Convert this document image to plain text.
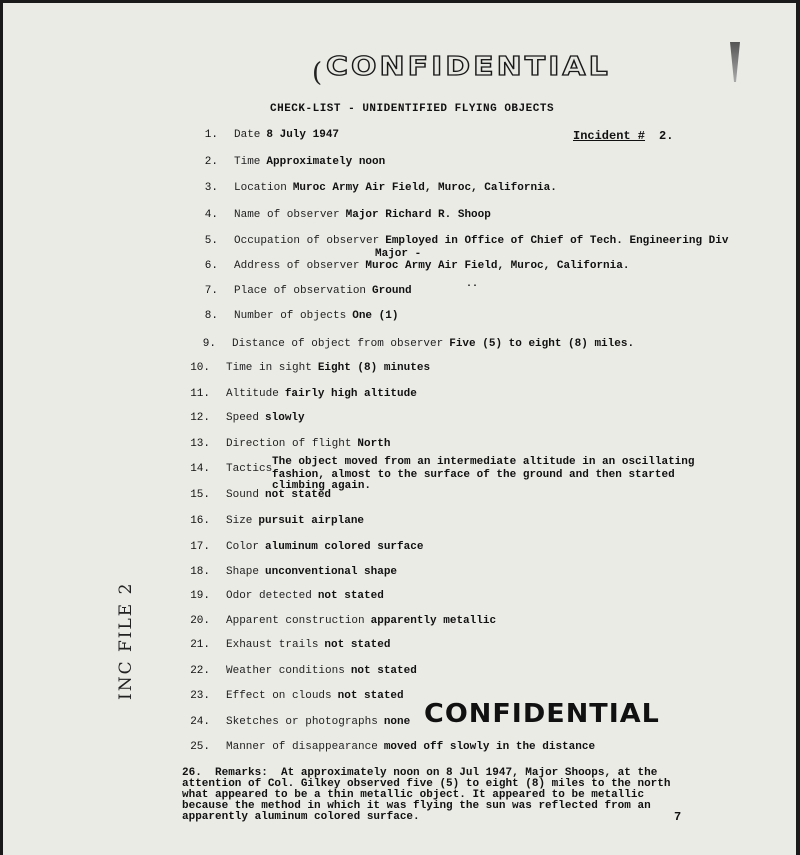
( CONFIDENTIAL
CHECK-LIST - UNIDENTIFIED FLYING OBJECTS
Incident # 2.
1. Date 8 July 1947
2. Time Approximately noon
3. Location Muroc Army Air Field, Muroc, California.
4. Name of observer Major Richard R. Shoop
5. Occupation of observer Employed in Office of Chief of Tech. Engineering Div
6. Address of observer Muroc Army Air Field, Muroc, California.
7. Place of observation Ground
8. Number of objects One (1)
9. Distance of object from observer Five (5) to eight (8) miles.
10. Time in sight Eight (8) minutes
11. Altitude fairly high altitude
12. Speed slowly
13. Direction of flight North
14. Tactics
15. Sound not stated
16. Size pursuit airplane
17. Color aluminum colored surface
18. Shape unconventional shape
19. Odor detected not stated
20. Apparent construction apparently metallic
21. Exhaust trails not stated
22. Weather conditions not stated
23. Effect on clouds not stated
24. Sketches or photographs none
25. Manner of disappearance moved off slowly in the distance
Major -
··
The object moved from an intermediate altitude in an oscillating
fashion, almost to the surface of the ground and then started
climbing again.
CONFIDENTIAL
26. Remarks: At approximately noon on 8 Jul 1947, Major Shoops, at the
attention of Col. Gilkey observed five (5) to eight (8) miles to the north
what appeared to be a thin metallic object. It appeared to be metallic
because the method in which it was flying the sun was reflected from an
apparently aluminum colored surface.
INC FILE 2
7
